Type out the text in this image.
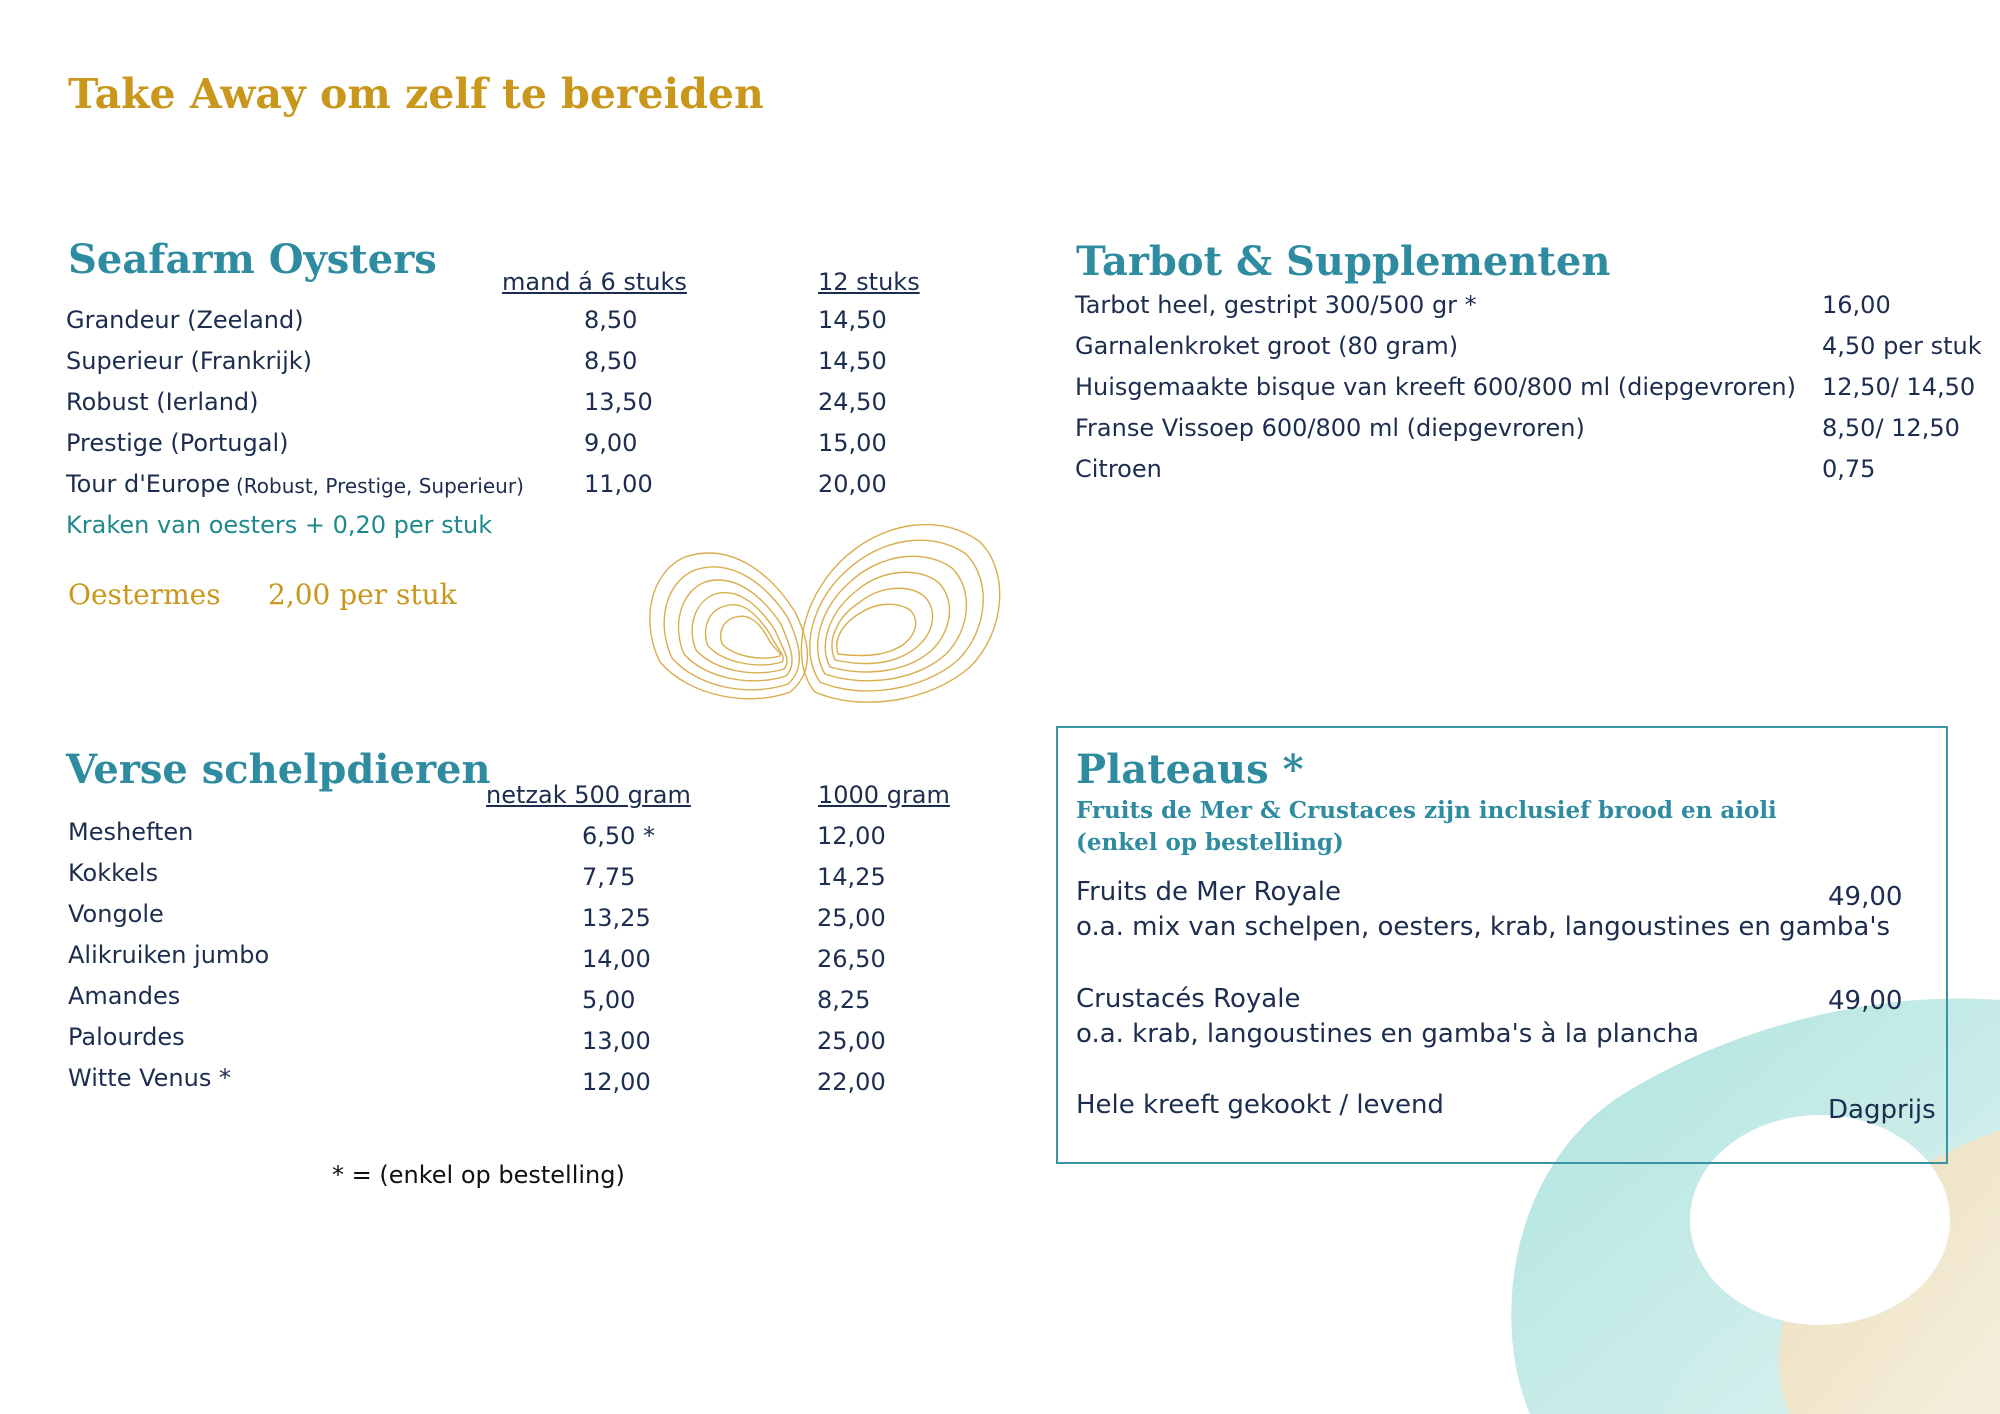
Take Away om zelf te bereiden
Seafarm Oysters	mand á 6 stuks	12 stuks
Grandeur (Zeeland)	8,50	14,50
Superieur (Frankrijk)	8,50	14,50
Robust (Ierland)	13,50	24,50
Prestige (Portugal)	9,00	15,00
Tour d'Europe (Robust, Prestige, Superieur)	11,00	20,00
Kraken van oesters + 0,20 per stuk
Oestermes 2,00 per stuk
Tarbot & Supplementen
Tarbot heel, gestript 300/500 gr *	16,00
Garnalenkroket groot (80 gram)	4,50 per stuk
Huisgemaakte bisque van kreeft 600/800 ml (diepgevroren) 12,50/ 14,50
Franse Vissoep 600/800 ml (diepgevroren)	8,50/ 12,50
Citroen	0,75
Verse schelpdieren
netzak 500 gram	1000 gram
Mesheften	6,50 *	12,00
Kokkels	7,75	14,25
Vongole	13,25	25,00
Alikruiken jumbo	14,00	26,50
Amandes	5,00	8,25
Palourdes	13,00	25,00
Witte Venus *	12,00	22,00
* = (enkel op bestelling)
Plateaus *
Fruits de Mer & Crustaces zijn inclusief brood en aioli
(enkel op bestelling)
Fruits de Mer Royale
o.a. mix van schelpen, oesters, krab, langoustines en gamba's
49,00
Crustacés Royale
o.a. krab, langoustines en gamba's à la plancha
49,00
Hele kreeft gekookt / levend	Dagprijs
